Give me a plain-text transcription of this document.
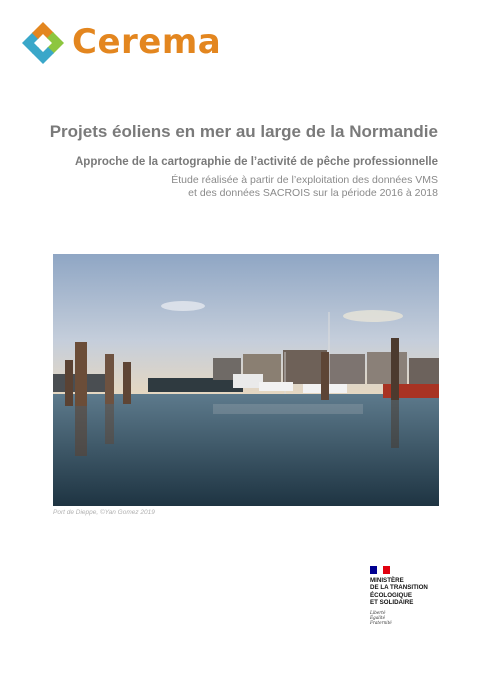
Cerema
Projets éoliens en mer au large de la Normandie
Approche de la cartographie de l’activité de pêche professionnelle
Étude réalisée à partir de l’exploitation des données VMS
et des données SACROIS sur la période 2016 à 2018
Port de Dieppe, ©Yan Gomez 2019
MINISTÈRE
DE LA TRANSITION
ÉCOLOGIQUE
ET SOLIDAIRE
Liberté
Égalité
Fraternité
